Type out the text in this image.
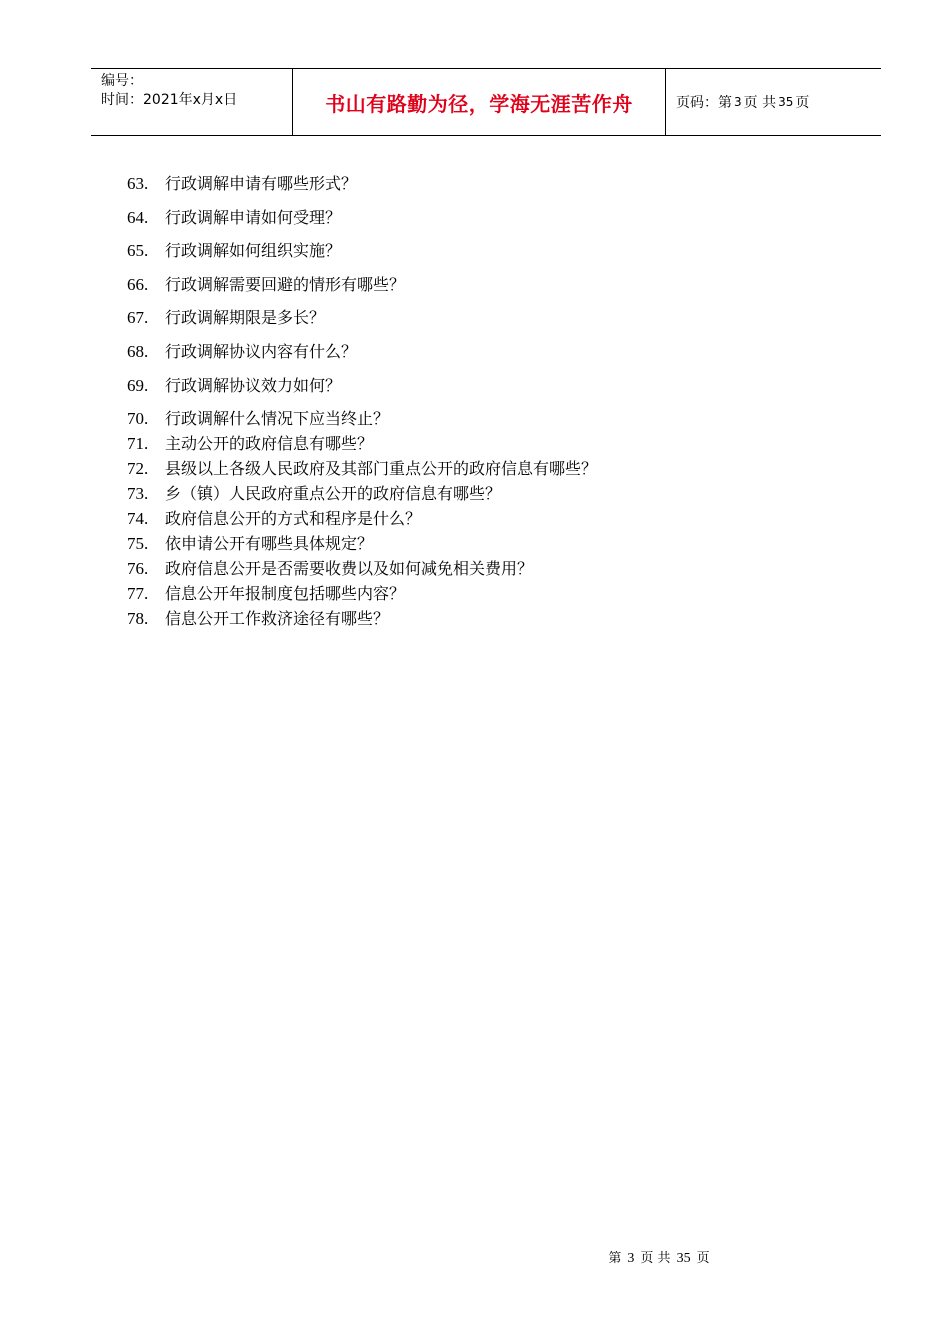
编号：
时间：2021年x月x日	书山有路勤为径，学海无涯苦作舟	页码：第 3 页 共 35 页
63.	行政调解申请有哪些形式？
64.	行政调解申请如何受理？
65.	行政调解如何组织实施？
66.	行政调解需要回避的情形有哪些？
67.	行政调解期限是多长？
68.	行政调解协议内容有什么？
69.	行政调解协议效力如何？
70.	行政调解什么情况下应当终止？
71.	主动公开的政府信息有哪些？
72.	县级以上各级人民政府及其部门重点公开的政府信息有哪些？
73.	乡（镇）人民政府重点公开的政府信息有哪些？
74.	政府信息公开的方式和程序是什么？
75.	依申请公开有哪些具体规定？
76.	政府信息公开是否需要收费以及如何减免相关费用？
77.	信息公开年报制度包括哪些内容？
78.	信息公开工作救济途径有哪些？
第 3 页 共 35 页
